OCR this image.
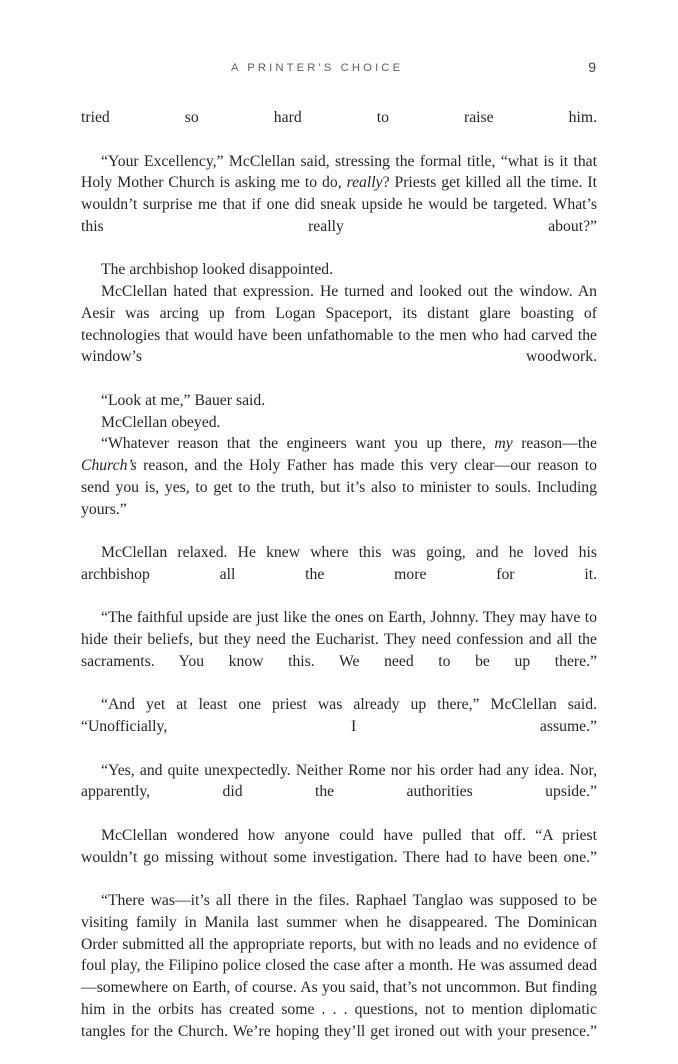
A PRINTER'S CHOICE	9

tried so hard to raise him.

“Your Excellency,” McClellan said, stressing the formal title, “what is it that Holy Mother Church is asking me to do, really? Priests get killed all the time. It wouldn’t surprise me that if one did sneak upside he would be targeted. What’s this really about?”

The archbishop looked disappointed.

McClellan hated that expression. He turned and looked out the window. An Aesir was arcing up from Logan Spaceport, its distant glare boasting of technologies that would have been unfathomable to the men who had carved the window’s woodwork.

“Look at me,” Bauer said.

McClellan obeyed.

“Whatever reason that the engineers want you up there, my reason—the Church’s reason, and the Holy Father has made this very clear—our reason to send you is, yes, to get to the truth, but it’s also to minister to souls. Including yours.”

McClellan relaxed. He knew where this was going, and he loved his archbishop all the more for it.

“The faithful upside are just like the ones on Earth, Johnny. They may have to hide their beliefs, but they need the Eucharist. They need confession and all the sacraments. You know this. We need to be up there.”

“And yet at least one priest was already up there,” McClellan said. “Unofficially, I assume.”

“Yes, and quite unexpectedly. Neither Rome nor his order had any idea. Nor, apparently, did the authorities upside.”

McClellan wondered how anyone could have pulled that off. “A priest wouldn’t go missing without some investigation. There had to have been one.”

“There was—it’s all there in the files. Raphael Tanglao was supposed to be visiting family in Manila last summer when he disappeared. The Dominican Order submitted all the appropriate reports, but with no leads and no evidence of foul play, the Filipino police closed the case after a month. He was assumed dead—somewhere on Earth, of course. As you said, that’s not uncommon. But finding him in the orbits has created some . . . questions, not to mention diplomatic tangles for the Church. We’re hoping they’ll get ironed out with your presence.”
